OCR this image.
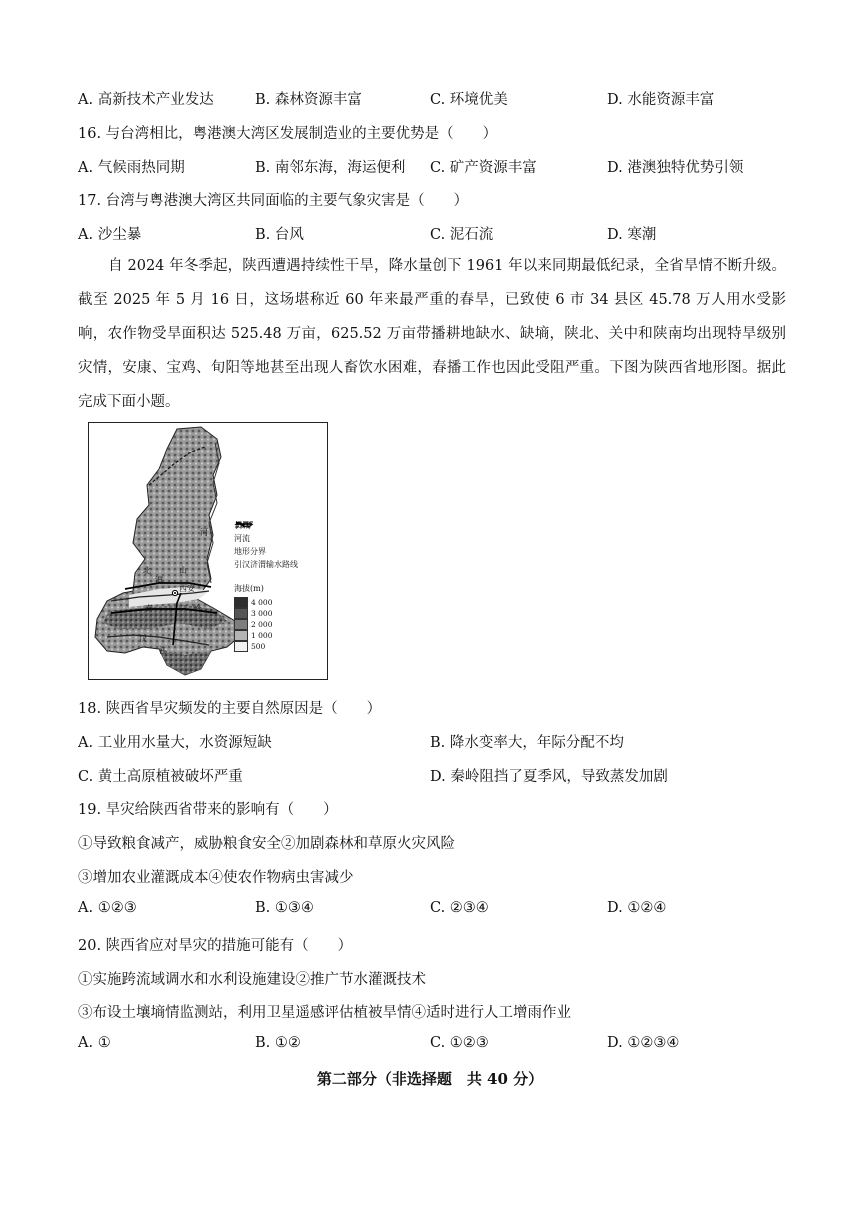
A. 高新技术产业发达	B. 森林资源丰富	C. 环境优美	D. 水能资源丰富
16. 与台湾相比，粤港澳大湾区发展制造业的主要优势是（　　）
A. 气候雨热同期	B. 南邻东海，海运便利 C. 矿产资源丰富	D. 港澳独特优势引领
17. 台湾与粤港澳大湾区共同面临的主要气象灾害是（　　）
A. 沙尘暴	B. 台风	C. 泥石流	D. 寒潮
自 2024 年冬季起，陕西遭遇持续性干旱，降水量创下 1961 年以来同期最低纪录，全省旱情不断升级。截至 2025 年 5 月 16 日，这场堪称近 60 年来最严重的春旱，已致使 6 市 34 县区 45.78 万人用水受影响，农作物受旱面积达 525.48 万亩，625.52 万亩带播耕地缺水、缺墒，陕北、关中和陕南均出现特旱级别灾情，安康、宝鸡、旬阳等地甚至出现人畜饮水困难，春播工作也因此受阻严重。下图为陕西省地形图。据此完成下面小题。
西安
河
秦	岭
渭
北	山
汉
江
长城
河流
地形分界
引汉济渭输水路线
海拔(m)
4 000
3 000
2 000
1 000
500
18. 陕西省旱灾频发的主要自然原因是（　　）
A. 工业用水量大，水资源短缺	B. 降水变率大，年际分配不均
C. 黄土高原植被破坏严重	D. 秦岭阻挡了夏季风，导致蒸发加剧
19. 旱灾给陕西省带来的影响有（　　）
①导致粮食减产，威胁粮食安全②加剧森林和草原火灾风险
③增加农业灌溉成本④使农作物病虫害减少
A. ①②③	B. ①③④	C. ②③④	D. ①②④
20. 陕西省应对旱灾的措施可能有（　　）
①实施跨流域调水和水利设施建设②推广节水灌溉技术
③布设土壤墒情监测站，利用卫星遥感评估植被旱情④适时进行人工增雨作业
A. ①	B. ①②	C. ①②③	D. ①②③④
第二部分（非选择题　共 40 分）
